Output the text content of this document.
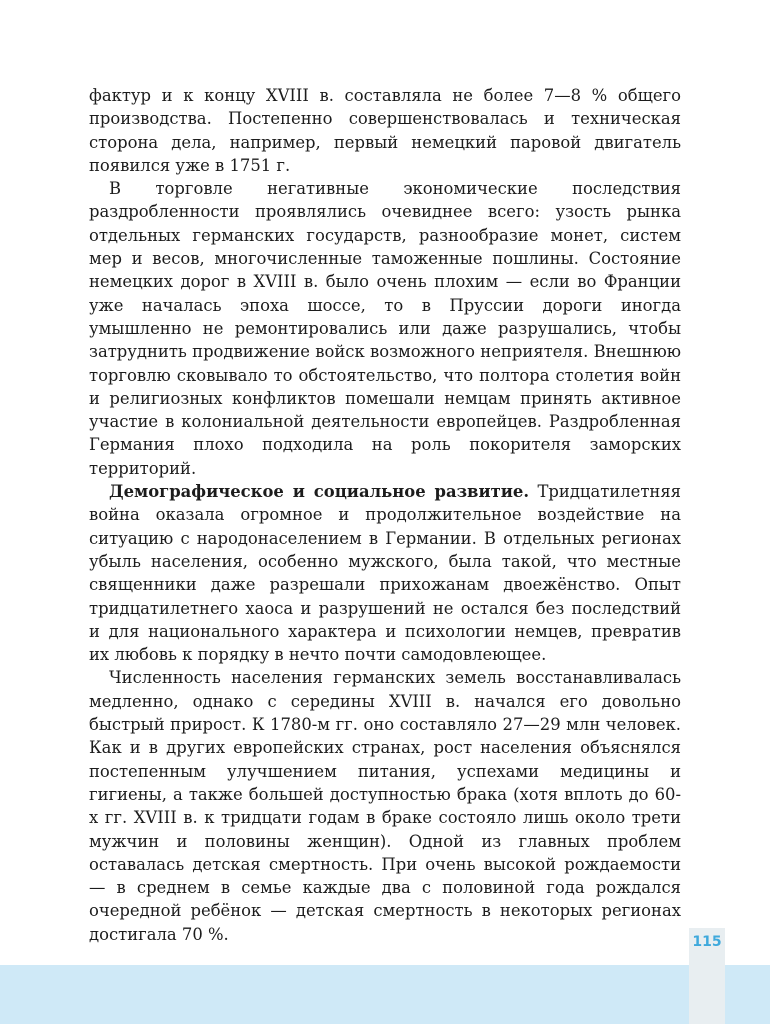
фактур и к концу XVIII в. составляла не более 7—8 % общего производства. Постепенно совершенствовалась и техническая сторона дела, например, первый немецкий паровой двигатель появился уже в 1751 г.

В торговле негативные экономические последствия раздробленности проявлялись очевиднее всего: узость рынка отдельных германских государств, разнообразие монет, систем мер и весов, многочисленные таможенные пошлины. Состояние немецких дорог в XVIII в. было очень плохим — если во Франции уже началась эпоха шоссе, то в Пруссии дороги иногда умышленно не ремонтировались или даже разрушались, чтобы затруднить продвижение войск возможного неприятеля. Внешнюю торговлю сковывало то обстоятельство, что полтора столетия войн и религиозных конфликтов помешали немцам принять активное участие в колониальной деятельности европейцев. Раздробленная Германия плохо подходила на роль покорителя заморских территорий.

Демографическое и социальное развитие. Тридцатилетняя война оказала огромное и продолжительное воздействие на ситуацию с народонаселением в Германии. В отдельных регионах убыль населения, особенно мужского, была такой, что местные священники даже разрешали прихожанам двоежёнство. Опыт тридцатилетнего хаоса и разрушений не остался без последствий и для национального характера и психологии немцев, превратив их любовь к порядку в нечто почти самодовлеющее.

Численность населения германских земель восстанавливалась медленно, однако с середины XVIII в. начался его довольно быстрый прирост. К 1780-м гг. оно составляло 27—29 млн человек. Как и в других европейских странах, рост населения объяснялся постепенным улучшением питания, успехами медицины и гигиены, а также большей доступностью брака (хотя вплоть до 60-х гг. XVIII в. к тридцати годам в браке состояло лишь около трети мужчин и половины женщин). Одной из главных проблем оставалась детская смертность. При очень высокой рождаемости — в среднем в семье каждые два с половиной года рождался очередной ребёнок — детская смертность в некоторых регионах достигала 70 %.	115
